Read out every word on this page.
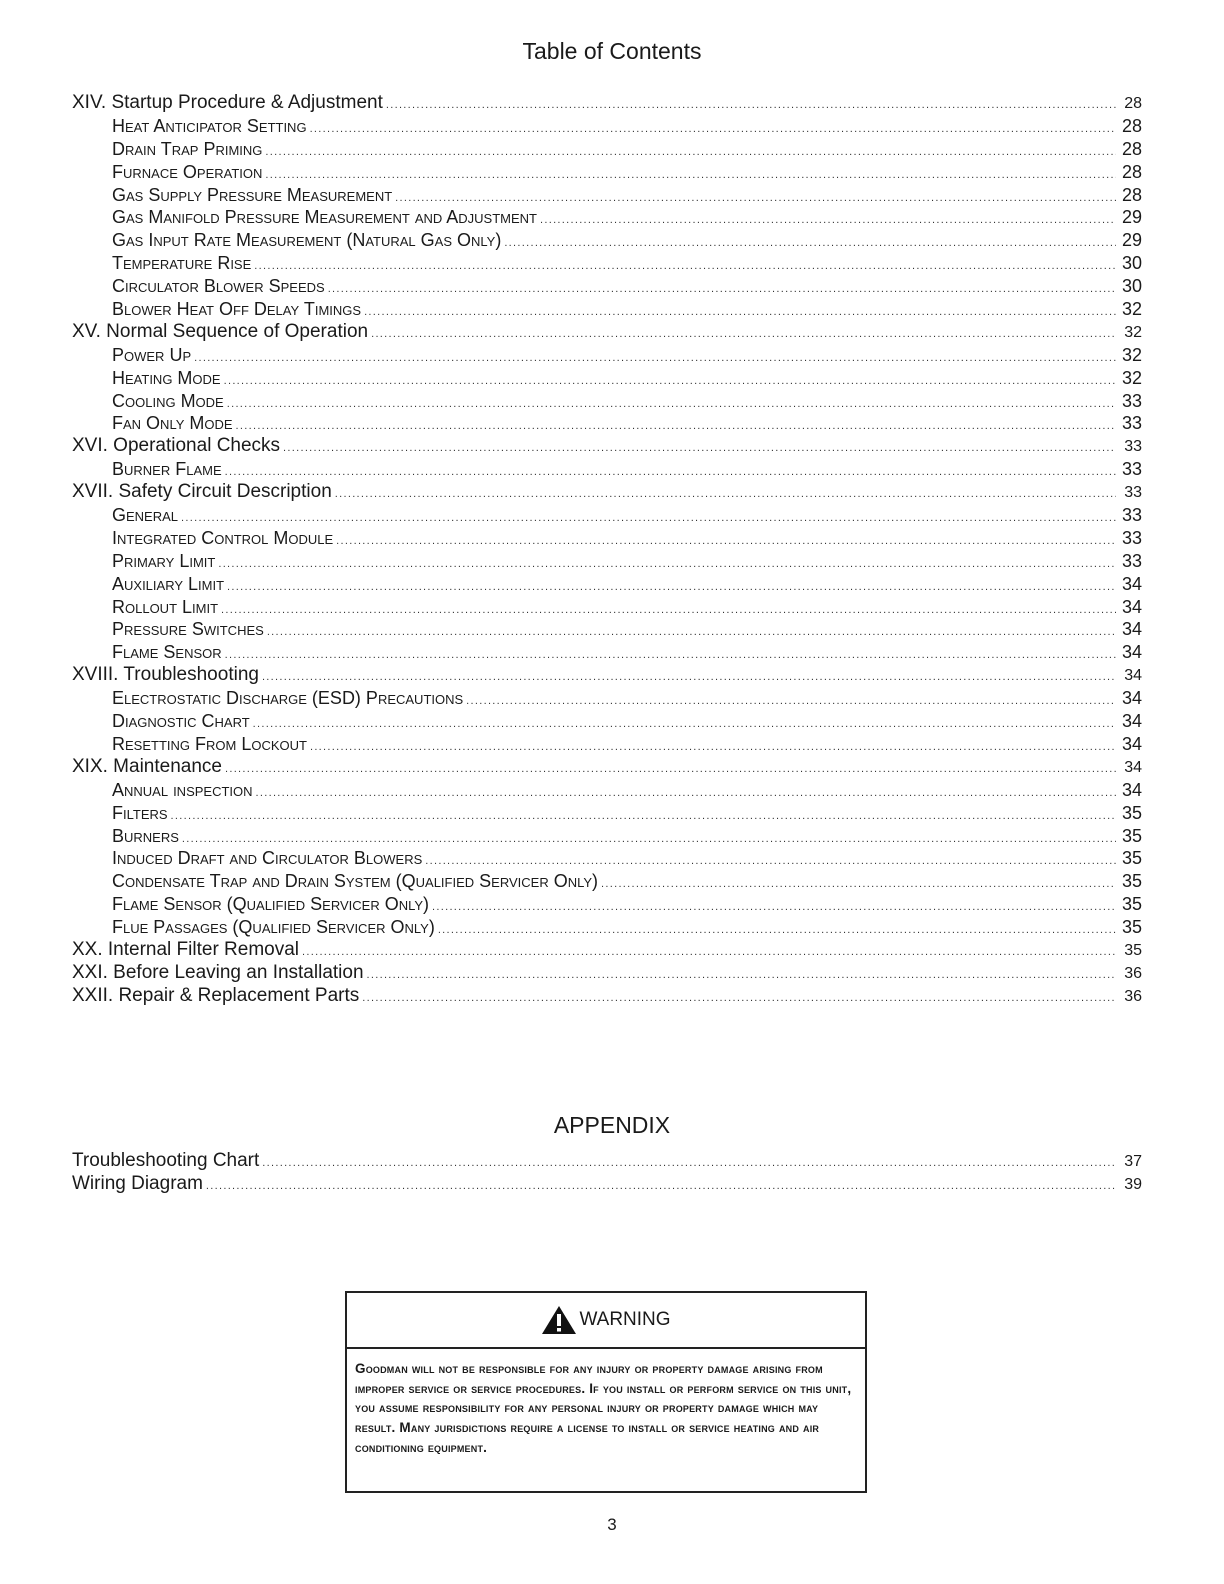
Table of Contents
XIV. Startup Procedure & Adjustment .....	28
Heat Anticipator Setting .....	28
Drain Trap Priming .....	28
Furnace Operation .....	28
Gas Supply Pressure Measurement .....	28
Gas Manifold Pressure Measurement and Adjustment .....	29
Gas Input Rate Measurement (Natural Gas Only) .....	29
Temperature Rise .....	30
Circulator Blower Speeds .....	30
Blower Heat Off Delay Timings .....	32
XV. Normal Sequence of Operation .....	32
Power Up .....	32
Heating Mode .....	32
Cooling Mode .....	33
Fan Only Mode .....	33
XVI. Operational Checks .....	33
Burner Flame .....	33
XVII. Safety Circuit Description .....	33
General .....	33
Integrated Control Module .....	33
Primary Limit .....	33
Auxiliary Limit .....	34
Rollout Limit .....	34
Pressure Switches .....	34
Flame Sensor .....	34
XVIII. Troubleshooting .....	34
Electrostatic Discharge (ESD) Precautions .....	34
Diagnostic Chart .....	34
Resetting From Lockout .....	34
XIX. Maintenance .....	34
Annual inspection .....	34
Filters .....	35
Burners .....	35
Induced Draft and Circulator Blowers .....	35
Condensate Trap and Drain System (Qualified Servicer Only) .....	35
Flame Sensor (Qualified Servicer Only) .....	35
Flue Passages (Qualified Servicer Only) .....	35
XX. Internal Filter Removal .....	35
XXI. Before Leaving an Installation .....	36
XXII. Repair & Replacement Parts .....	36
APPENDIX
Troubleshooting Chart .....	37
Wiring Diagram .....	39
WARNING
Goodman will not be responsible for any injury or property damage arising from improper service or service procedures. If you install or perform service on this unit, you assume responsibility for any personal injury or property damage which may result. Many jurisdictions require a license to install or service heating and air conditioning equipment.
3
